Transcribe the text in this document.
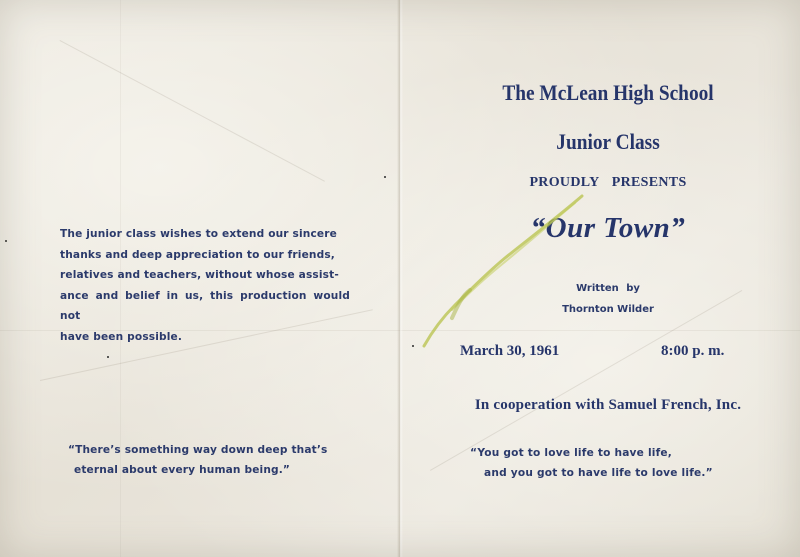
The junior class wishes to extend our sincere
thanks and deep appreciation to our friends,
relatives and teachers, without whose assist-
ance and belief in us, this production would not
have been possible.
“There’s something way down deep that’s
eternal about every human being.”
The McLean High School
Junior Class
PROUDLY PRESENTS
“Our Town”
Written by
Thornton Wilder
March 30, 1961	8:00 p. m.
In cooperation with Samuel French, Inc.
“You got to love life to have life,
and you got to have life to love life.”
